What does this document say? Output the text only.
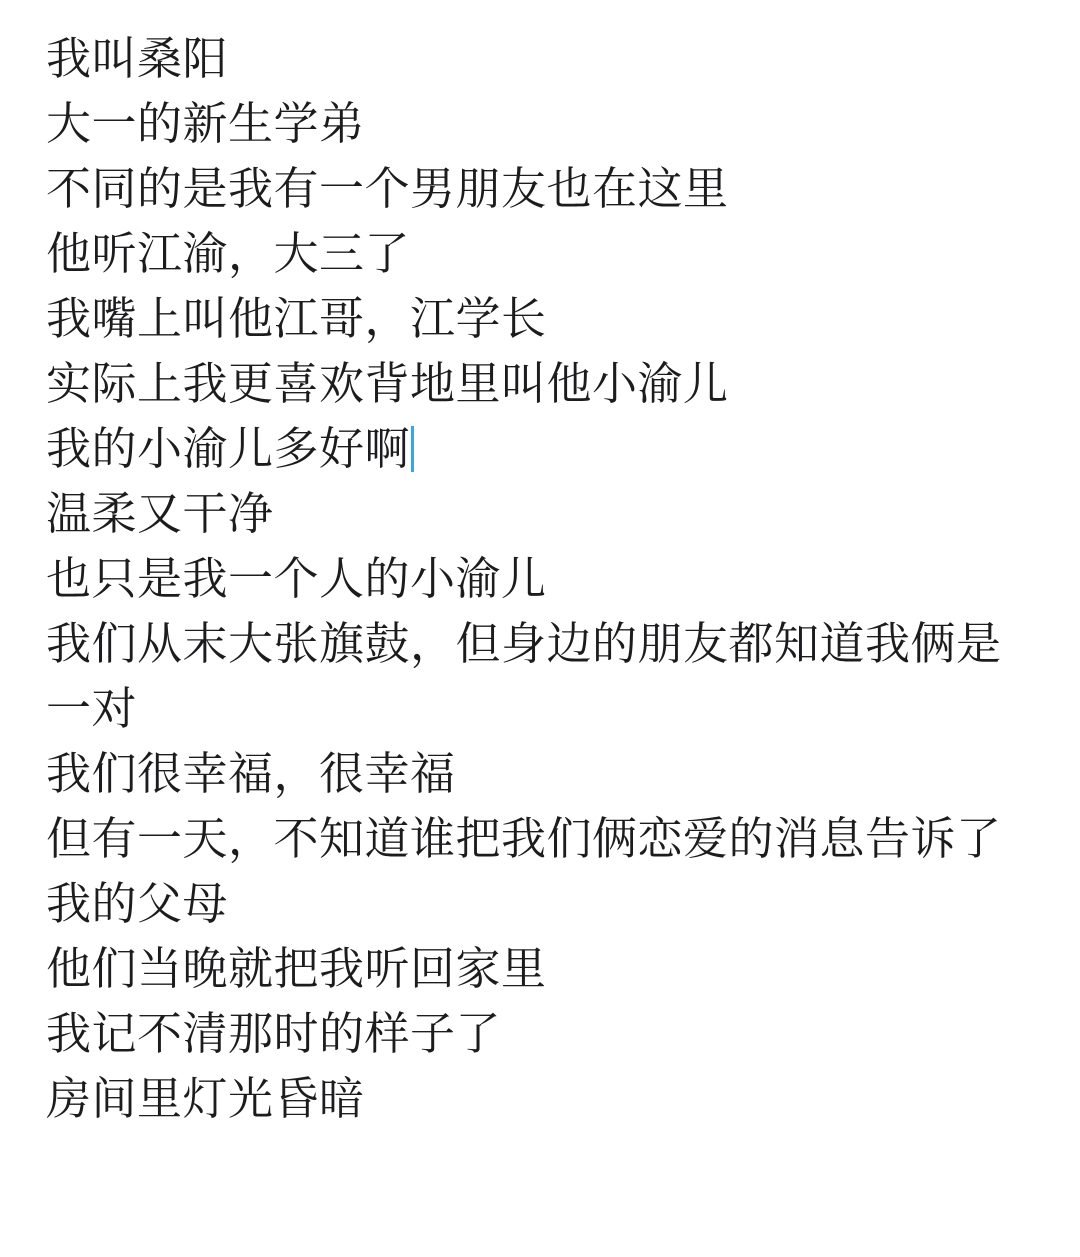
我叫桑阳
大一的新生学弟
不同的是我有一个男朋友也在这里
他听江渝，大三了
我嘴上叫他江哥，江学长
实际上我更喜欢背地里叫他小渝儿
我的小渝儿多好啊
温柔又干净
也只是我一个人的小渝儿
我们从末大张旗鼓，但身边的朋友都知道我俩是一对
我们很幸福，很幸福
但有一天，不知道谁把我们俩恋爱的消息告诉了我的父母
他们当晚就把我听回家里
我记不清那时的样子了
房间里灯光昏暗
